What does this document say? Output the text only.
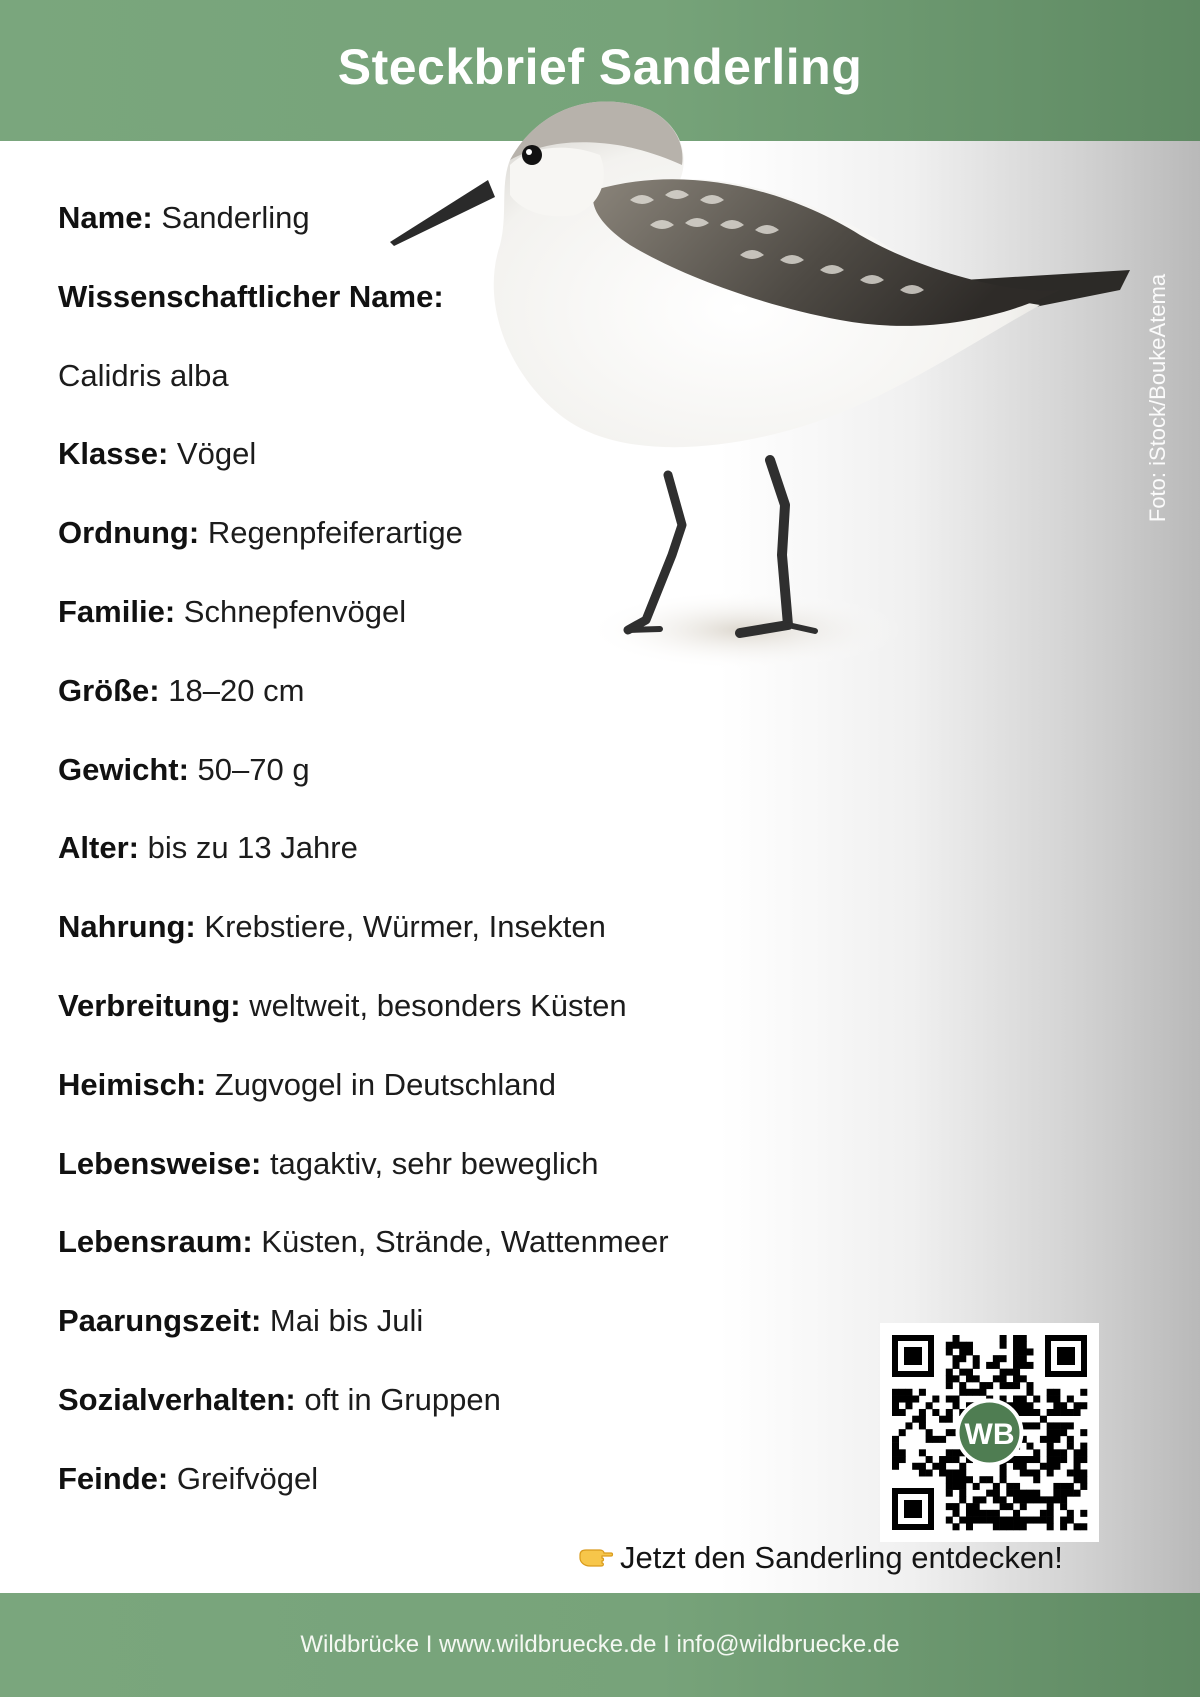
Steckbrief Sanderling
Foto: iStock/BoukeAtema
Name: Sanderling
Wissenschaftlicher Name:
Calidris alba
Klasse: Vögel
Ordnung: Regenpfeiferartige
Familie: Schnepfenvögel
Größe: 18–20 cm
Gewicht: 50–70 g
Alter: bis zu 13 Jahre
Nahrung: Krebstiere, Würmer, Insekten
Verbreitung: weltweit, besonders Küsten
Heimisch: Zugvogel in Deutschland
Lebensweise: tagaktiv, sehr beweglich
Lebensraum: Küsten, Strände, Wattenmeer
Paarungszeit: Mai bis Juli
Sozialverhalten: oft in Gruppen
Feinde: Greifvögel
WB
Jetzt den Sanderling entdecken!
Wildbrücke I www.wildbruecke.de I info@wildbruecke.de
